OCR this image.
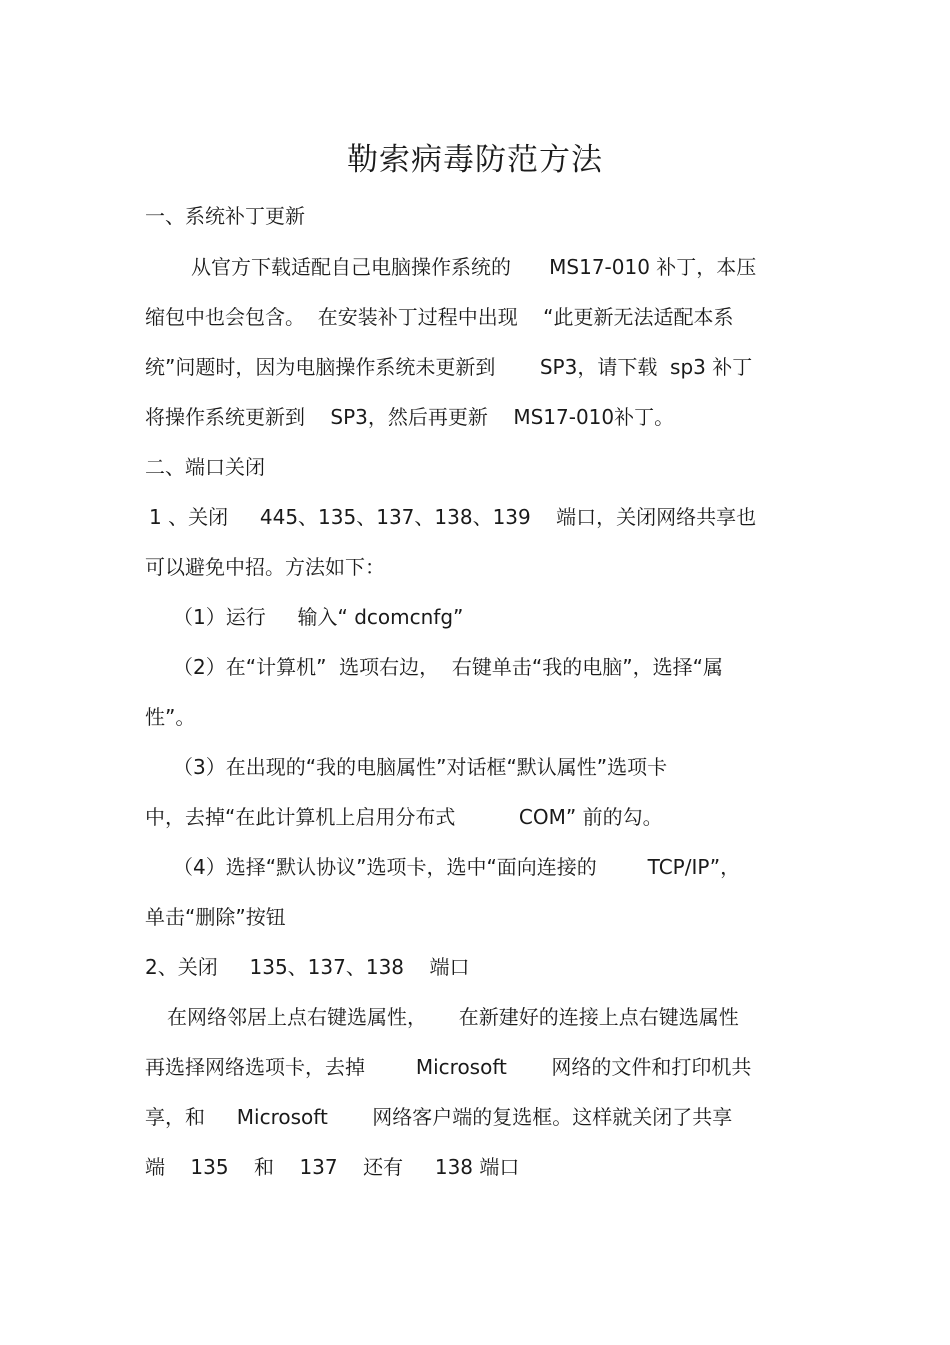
勒索病毒防范方法
一、系统补丁更新
从官方下载适配自己电脑操作系统的      MS17-010 补丁，本压
缩包中也会包含。  在安装补丁过程中出现    “此更新无法适配本系
统”问题时，因为电脑操作系统未更新到       SP3，请下载  sp3 补丁
将操作系统更新到    SP3，然后再更新    MS17-010补丁。
二、端口关闭
1 、关闭     445、135、137、138、139    端口，关闭网络共享也
可以避免中招。方法如下：
（1）运行     输入“ dcomcnfg”
（2）在“计算机”  选项右边，  右键单击“我的电脑”，选择“属
性”。
（3）在出现的“我的电脑属性”对话框“默认属性”选项卡
中，去掉“在此计算机上启用分布式          COM” 前的勾。
（4）选择“默认协议”选项卡，选中“面向连接的        TCP/IP”，
单击“删除”按钮
2、关闭     135、137、138    端口
在网络邻居上点右键选属性，     在新建好的连接上点右键选属性
再选择网络选项卡，去掉        Microsoft       网络的文件和打印机共
享，和     Microsoft       网络客户端的复选框。这样就关闭了共享
端    135    和    137    还有     138 端口
